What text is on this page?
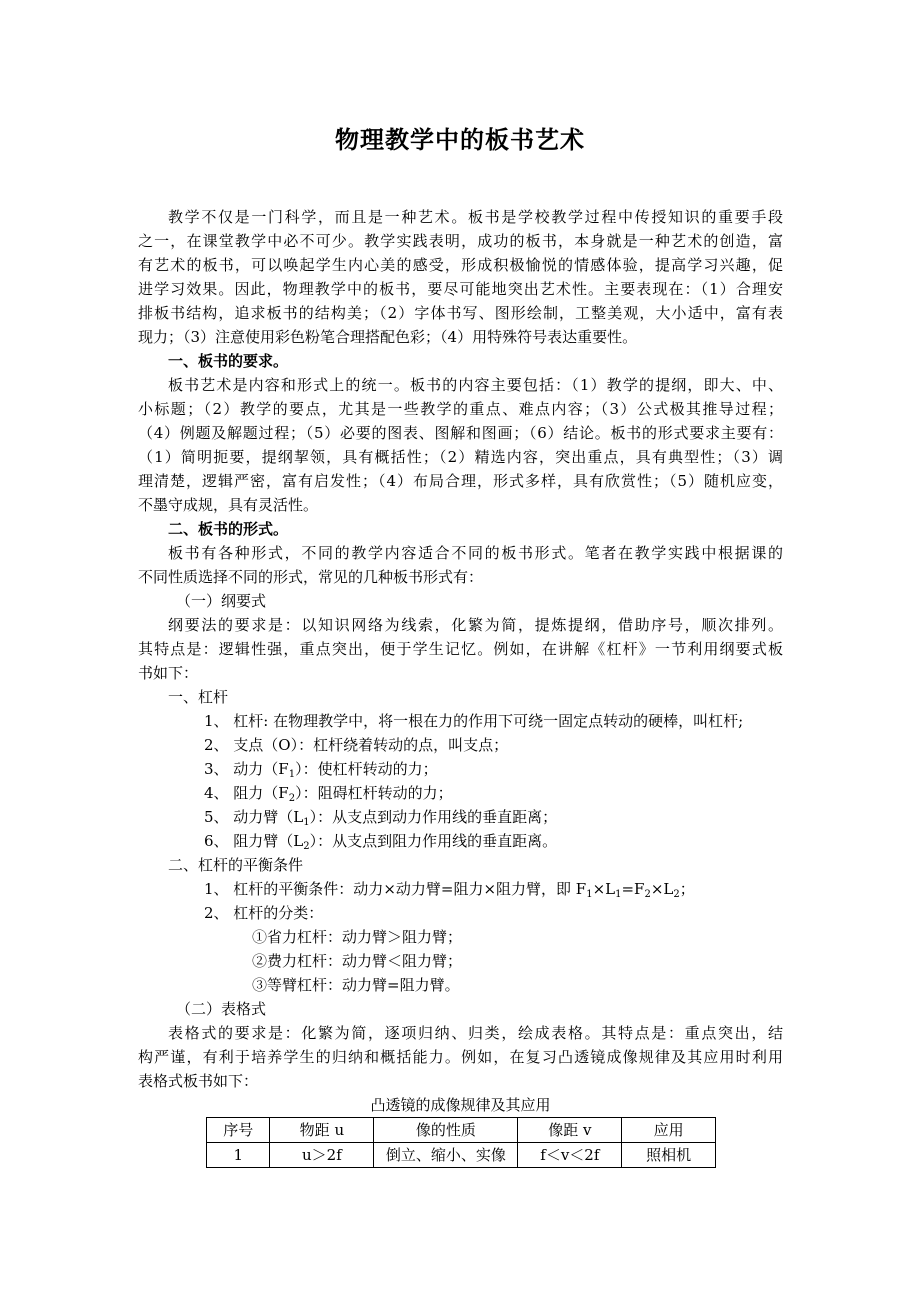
物理教学中的板书艺术
教学不仅是一门科学，而且是一种艺术。板书是学校教学过程中传授知识的重要手段
之一，在课堂教学中必不可少。教学实践表明，成功的板书，本身就是一种艺术的创造，富
有艺术的板书，可以唤起学生内心美的感受，形成积极愉悦的情感体验，提高学习兴趣，促
进学习效果。因此，物理教学中的板书，要尽可能地突出艺术性。主要表现在：（1）合理安
排板书结构，追求板书的结构美；（2）字体书写、图形绘制，工整美观，大小适中，富有表
现力；（3）注意使用彩色粉笔合理搭配色彩；（4）用特殊符号表达重要性。
一、板书的要求。
板书艺术是内容和形式上的统一。板书的内容主要包括：（1）教学的提纲，即大、中、
小标题；（2）教学的要点，尤其是一些教学的重点、难点内容；（3）公式极其推导过程；
（4）例题及解题过程；（5）必要的图表、图解和图画；（6）结论。板书的形式要求主要有：
（1）简明扼要，提纲挈领，具有概括性；（2）精选内容，突出重点，具有典型性；（3）调
理清楚，逻辑严密，富有启发性；（4）布局合理，形式多样，具有欣赏性；（5）随机应变，
不墨守成规，具有灵活性。
二、板书的形式。
板书有各种形式，不同的教学内容适合不同的板书形式。笔者在教学实践中根据课的
不同性质选择不同的形式，常见的几种板书形式有：
（一）纲要式
纲要法的要求是：以知识网络为线索，化繁为简，提炼提纲，借助序号，顺次排列。
其特点是：逻辑性强，重点突出，便于学生记忆。例如，在讲解《杠杆》一节利用纲要式板
书如下：
一、杠杆
1、 杠杆: 在物理教学中，将一根在力的作用下可绕一固定点转动的硬棒，叫杠杆;
2、 支点（O）：杠杆绕着转动的点，叫支点；
3、 动力$(F_1)$：使杠杆转动的力；
4、 阻力$(F_2)$：阻碍杠杆转动的力；
5、 动力臂$(L_1)$：从支点到动力作用线的垂直距离；
6、 阻力臂$(L_2)$：从支点到阻力作用线的垂直距离。
二、杠杆的平衡条件
1、 杠杆的平衡条件：动力×动力臂=阻力×阻力臂，即 $F_1\times L_1=F_2\times L_2$；
2、 杠杆的分类：
①省力杠杆：动力臂＞阻力臂；
②费力杠杆：动力臂＜阻力臂；
③等臂杠杆：动力臂=阻力臂。
（二）表格式
表格式的要求是：化繁为简，逐项归纳、归类，绘成表格。其特点是：重点突出，结
构严谨，有利于培养学生的归纳和概括能力。例如，在复习凸透镜成像规律及其应用时利用
表格式板书如下：
凸透镜的成像规律及其应用
序号	物距 u	像的性质	像距 v	应用
1	u＞2f	倒立、缩小、实像	f＜v＜2f	照相机
